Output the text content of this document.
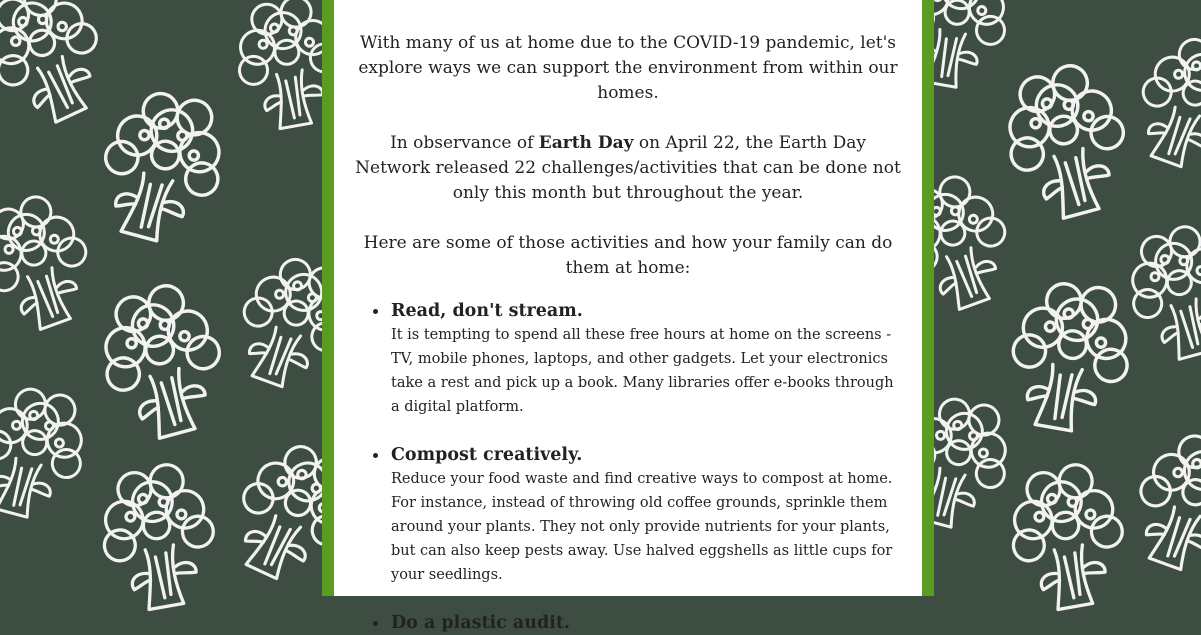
With many of us at home due to the COVID-19 pandemic, let's explore ways we can support the environment from within our homes.

In observance of Earth Day on April 22, the Earth Day Network released 22 challenges/activities that can be done not only this month but throughout the year.

Here are some of those activities and how your family can do them at home:

Read, don't stream.
It is tempting to spend all these free hours at home on the screens - TV, mobile phones, laptops, and other gadgets. Let your electronics take a rest and pick up a book. Many libraries offer e-books through a digital platform.
Compost creatively.
Reduce your food waste and find creative ways to compost at home. For instance, instead of throwing old coffee grounds, sprinkle them around your plants. They not only provide nutrients for your plants, but can also keep pests away. Use halved eggshells as little cups for your seedlings.
Do a plastic audit.
